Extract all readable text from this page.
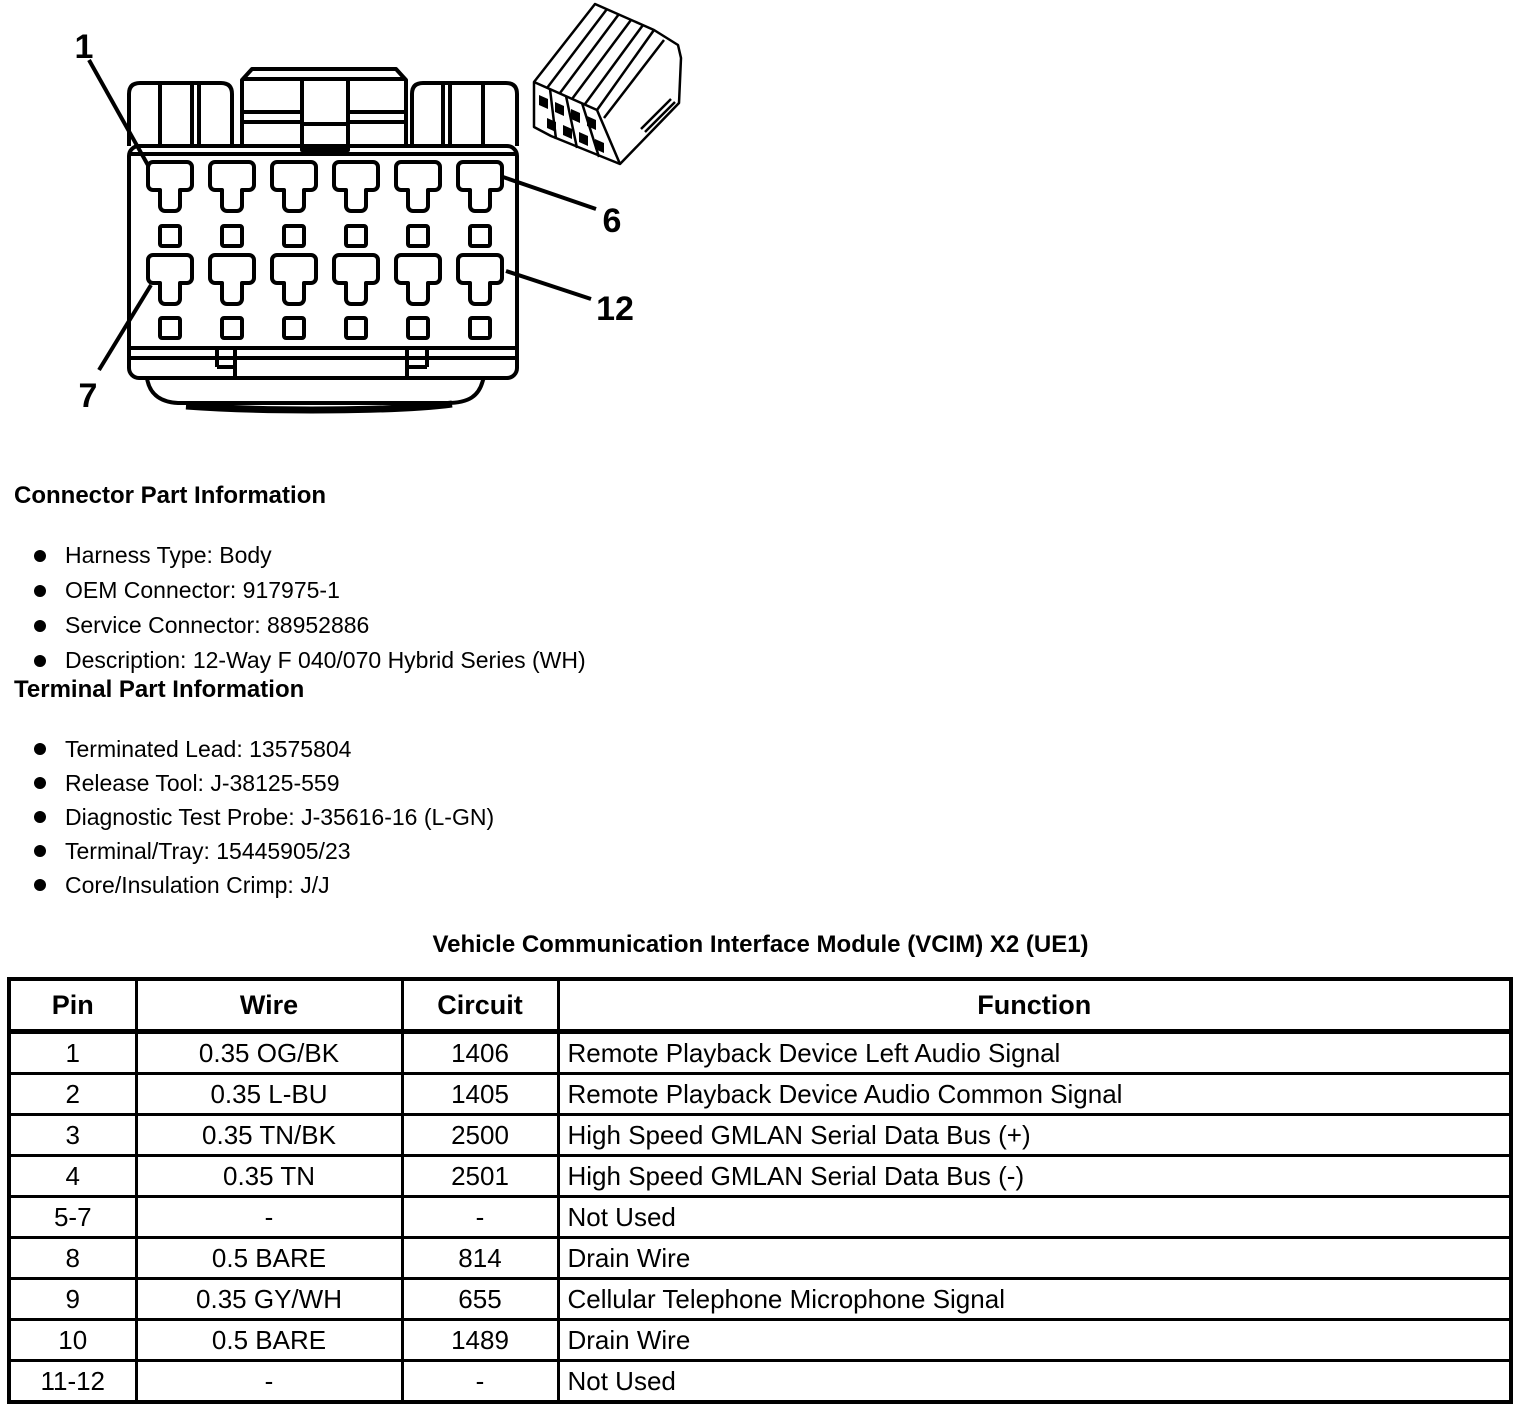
1
6
12
7
Connector Part Information
Harness Type: Body
OEM Connector: 917975-1
Service Connector: 88952886
Description: 12-Way F 040/070 Hybrid Series (WH)
Terminal Part Information
Terminated Lead: 13575804
Release Tool: J-38125-559
Diagnostic Test Probe: J-35616-16 (L-GN)
Terminal/Tray: 15445905/23
Core/Insulation Crimp: J/J
Vehicle Communication Interface Module (VCIM) X2 (UE1)
Pin	Wire	Circuit	Function
1	0.35 OG/BK	1406	Remote Playback Device Left Audio Signal
2	0.35 L-BU	1405	Remote Playback Device Audio Common Signal
3	0.35 TN/BK	2500	High Speed GMLAN Serial Data Bus (+)
4	0.35 TN	2501	High Speed GMLAN Serial Data Bus (-)
5-7	-	-	Not Used
8	0.5 BARE	814	Drain Wire
9	0.35 GY/WH	655	Cellular Telephone Microphone Signal
10	0.5 BARE	1489	Drain Wire
11-12	-	-	Not Used
